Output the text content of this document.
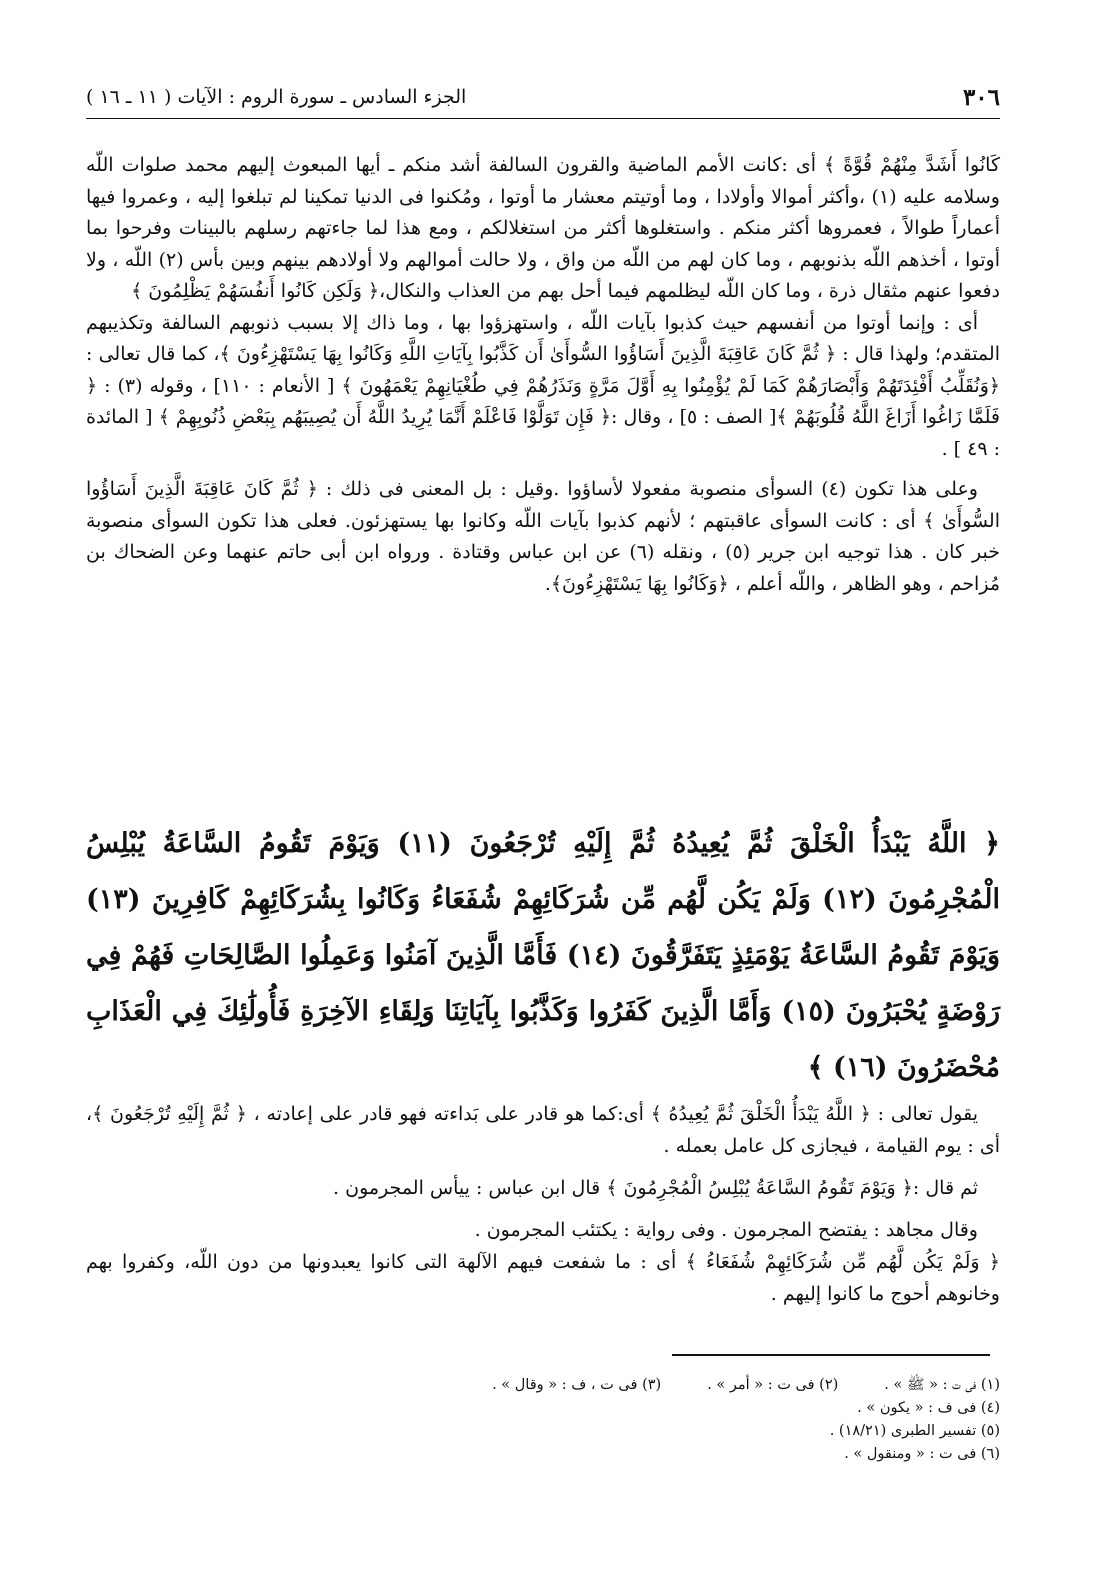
٣٠٦
الجزء السادس ـ سورة الروم : الآيات ( ١١ ـ ١٦ )

كَانُوا أَشَدَّ مِنْهُمْ قُوَّةً ﴾ أى :كانت الأمم الماضية والقرون السالفة أشد منكم ـ أيها المبعوث إليهم محمد صلوات اللّه وسلامه عليه (١) ،وأكثر أموالا وأولادا ، وما أوتيتم معشار ما أوتوا ، ومُكنوا فى الدنيا تمكينا لم تبلغوا إليه ، وعمروا فيها أعماراً طوالاً ، فعمروها أكثر منكم . واستغلوها أكثر من استغلالكم ، ومع هذا لما جاءتهم رسلهم بالبينات وفرحوا بما أوتوا ، أخذهم اللّه بذنوبهم ، وما كان لهم من اللّه من واق ، ولا حالت أموالهم ولا أولادهم بينهم وبين بأس (٢) اللّه ، ولا دفعوا عنهم مثقال ذرة ، وما كان اللّه ليظلمهم فيما أحل بهم من العذاب والنكال،﴿ وَلَكِن كَانُوا أَنفُسَهُمْ يَظْلِمُونَ ﴾

أى : وإنما أوتوا من أنفسهم حيث كذبوا بآيات اللّه ، واستهزؤوا بها ، وما ذاك إلا بسبب ذنوبهم السالفة وتكذيبهم المتقدم؛ ولهذا قال : ﴿ ثُمَّ كَانَ عَاقِبَةَ الَّذِينَ أَسَاؤُوا السُّوأَىٰ أَن كَذَّبُوا بِآيَاتِ اللَّهِ وَكَانُوا بِهَا يَسْتَهْزِءُونَ ﴾، كما قال تعالى : ﴿وَنُقَلِّبُ أَفْئِدَتَهُمْ وَأَبْصَارَهُمْ كَمَا لَمْ يُؤْمِنُوا بِهِ أَوَّلَ مَرَّةٍ وَنَذَرُهُمْ فِي طُغْيَانِهِمْ يَعْمَهُونَ ﴾ [ الأنعام : ١١٠] ، وقوله (٣) : ﴿ فَلَمَّا زَاغُوا أَزَاغَ اللَّهُ قُلُوبَهُمْ ﴾[ الصف : ٥] ، وقال :﴿ فَإِن تَوَلَّوْا فَاعْلَمْ أَنَّمَا يُرِيدُ اللَّهُ أَن يُصِيبَهُم بِبَعْضِ ذُنُوبِهِمْ ﴾ [ المائدة : ٤٩ ] .

وعلى هذا تكون (٤) السوأى منصوبة مفعولا لأساؤوا .وقيل : بل المعنى فى ذلك : ﴿ ثُمَّ كَانَ عَاقِبَةَ الَّذِينَ أَسَاؤُوا السُّوأَىٰ ﴾ أى : كانت السوأى عاقبتهم ؛ لأنهم كذبوا بآيات اللّه وكانوا بها يستهزئون. فعلى هذا تكون السوأى منصوبة خبر كان . هذا توجيه ابن جرير (٥) ، ونقله (٦) عن ابن عباس وقتادة . ورواه ابن أبى حاتم عنهما وعن الضحاك بن مُزاحم ، وهو الظاهر ، واللّه أعلم ، ﴿وَكَانُوا بِهَا يَسْتَهْزِءُونَ﴾.

﴿ اللَّهُ يَبْدَأُ الْخَلْقَ ثُمَّ يُعِيدُهُ ثُمَّ إِلَيْهِ تُرْجَعُونَ (١١) وَيَوْمَ تَقُومُ السَّاعَةُ يُبْلِسُ الْمُجْرِمُونَ (١٢) وَلَمْ يَكُن لَّهُم مِّن شُرَكَائِهِمْ شُفَعَاءُ وَكَانُوا بِشُرَكَائِهِمْ كَافِرِينَ (١٣) وَيَوْمَ تَقُومُ السَّاعَةُ يَوْمَئِذٍ يَتَفَرَّقُونَ (١٤) فَأَمَّا الَّذِينَ آمَنُوا وَعَمِلُوا الصَّالِحَاتِ فَهُمْ فِي رَوْضَةٍ يُحْبَرُونَ (١٥) وَأَمَّا الَّذِينَ كَفَرُوا وَكَذَّبُوا بِآيَاتِنَا وَلِقَاءِ الآخِرَةِ فَأُولَٰئِكَ فِي الْعَذَابِ مُحْضَرُونَ (١٦) ﴾

يقول تعالى : ﴿ اللَّهُ يَبْدَأُ الْخَلْقَ ثُمَّ يُعِيدُهُ ﴾ أى:كما هو قادر على بَداءته فهو قادر على إعادته ، ﴿ ثُمَّ إِلَيْهِ تُرْجَعُونَ ﴾، أى : يوم القيامة ، فيجازى كل عامل بعمله .

ثم قال :﴿ وَيَوْمَ تَقُومُ السَّاعَةُ يُبْلِسُ الْمُجْرِمُونَ ﴾ قال ابن عباس : ييأس المجرمون .

وقال مجاهد : يفتضح المجرمون . وفى رواية : يكتئب المجرمون .

﴿ وَلَمْ يَكُن لَّهُم مِّن شُرَكَائِهِمْ شُفَعَاءُ ﴾ أى : ما شفعت فيهم الآلهة التى كانوا يعبدونها من دون اللّه، وكفروا بهم وخانوهم أحوج ما كانوا إليهم .

(١) فى ت : « ﷺ » .
(٢) فى ت : « أمر » .
(٣) فى ت ، ف : « وقال » .

(٤) فى ف : « يكون » .

(٥) تفسير الطبرى (١٨/٢١) .

(٦) فى ت : « ومنقول » .
